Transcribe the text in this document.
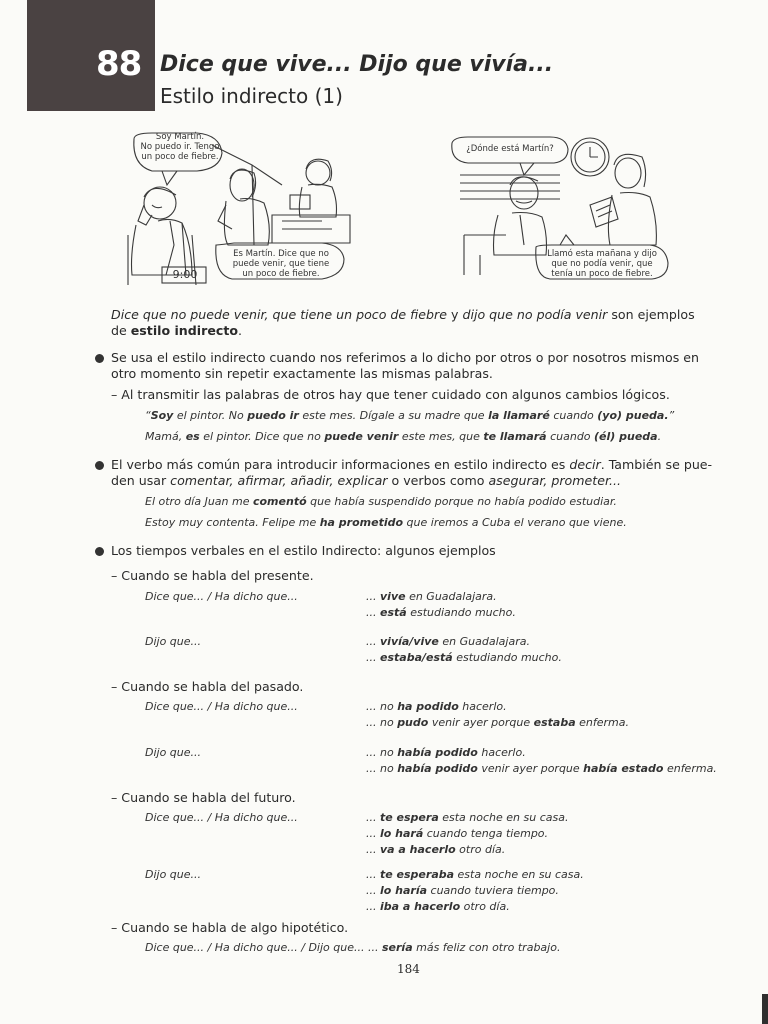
88 Dice que vive... Dijo que vivía...
Estilo indirecto (1)
Soy Martín.
No puedo ir. Tengo
un poco de fiebre.
Es Martín. Dice que no
puede venir, que tiene
un poco de fiebre.
9:00
¿Dónde está Martín?
Llamó esta mañana y dijo
que no podía venir, que
tenía un poco de fiebre.
Dice que no puede venir, que tiene un poco de fiebre y dijo que no podía venir son ejemplos
de estilo indirecto.
Se usa el estilo indirecto cuando nos referimos a lo dicho por otros o por nosotros mismos en
otro momento sin repetir exactamente las mismas palabras.
– Al transmitir las palabras de otros hay que tener cuidado con algunos cambios lógicos.
“Soy el pintor. No puedo ir este mes. Dígale a su madre que la llamaré cuando (yo) pueda.”
Mamá, es el pintor. Dice que no puede venir este mes, que te llamará cuando (él) pueda.
El verbo más común para introducir informaciones en estilo indirecto es decir. También se pue-
den usar comentar, afirmar, añadir, explicar o verbos como asegurar, prometer...
El otro día Juan me comentó que había suspendido porque no había podido estudiar.
Estoy muy contenta. Felipe me ha prometido que iremos a Cuba el verano que viene.
Los tiempos verbales en el estilo Indirecto: algunos ejemplos
– Cuando se habla del presente.
Dice que... / Ha dicho que...	... vive en Guadalajara.
... está estudiando mucho.
Dijo que...	... vivía/vive en Guadalajara.
... estaba/está estudiando mucho.
– Cuando se habla del pasado.
Dice que... / Ha dicho que...	... no ha podido hacerlo.
... no pudo venir ayer porque estaba enferma.
Dijo que...	... no había podido hacerlo.
... no había podido venir ayer porque había estado enferma.
– Cuando se habla del futuro.
Dice que... / Ha dicho que...	... te espera esta noche en su casa.
... lo hará cuando tenga tiempo.
... va a hacerlo otro día.
Dijo que...	... te esperaba esta noche en su casa.
... lo haría cuando tuviera tiempo.
... iba a hacerlo otro día.
– Cuando se habla de algo hipotético.
Dice que... / Ha dicho que... / Dijo que... ... sería más feliz con otro trabajo.
184
